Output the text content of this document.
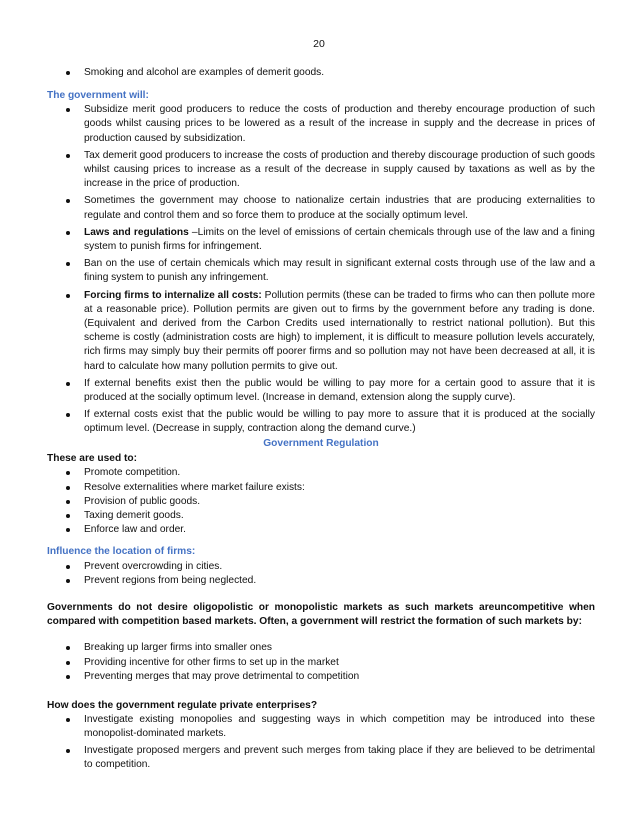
20
Smoking and alcohol are examples of demerit goods.
The government will:
Subsidize merit good producers to reduce the costs of production and thereby encourage production of such goods whilst causing prices to be lowered as a result of the increase in supply and the decrease in prices of production caused by subsidization.
Tax demerit good producers to increase the costs of production and thereby discourage production of such goods whilst causing prices to increase as a result of the decrease in supply caused by taxations as well as by the increase in the price of production.
Sometimes the government may choose to nationalize certain industries that are producing externalities to regulate and control them and so force them to produce at the socially optimum level.
Laws and regulations –Limits on the level of emissions of certain chemicals through use of the law and a fining system to punish firms for infringement.
Ban on the use of certain chemicals which may result in significant external costs through use of the law and a fining system to punish any infringement.
Forcing firms to internalize all costs: Pollution permits (these can be traded to firms who can then pollute more at a reasonable price). Pollution permits are given out to firms by the government before any trading is done. (Equivalent and derived from the Carbon Credits used internationally to restrict national pollution). But this scheme is costly (administration costs are high) to implement, it is difficult to measure pollution levels accurately, rich firms may simply buy their permits off poorer firms and so pollution may not have been decreased at all, it is hard to calculate how many pollution permits to give out.
If external benefits exist then the public would be willing to pay more for a certain good to assure that it is produced at the socially optimum level. (Increase in demand, extension along the supply curve).
If external costs exist that the public would be willing to pay more to assure that it is produced at the socially optimum level. (Decrease in supply, contraction along the demand curve.)
Government Regulation
These are used to:
Promote competition.
Resolve externalities where market failure exists:
Provision of public goods.
Taxing demerit goods.
Enforce law and order.
Influence the location of firms:
Prevent overcrowding in cities.
Prevent regions from being neglected.
Governments do not desire oligopolistic or monopolistic markets as such markets areuncompetitive when compared with competition based markets. Often, a government will restrict the formation of such markets by:
Breaking up larger firms into smaller ones
Providing incentive for other firms to set up in the market
Preventing merges that may prove detrimental to competition
How does the government regulate private enterprises?
Investigate existing monopolies and suggesting ways in which competition may be introduced into these monopolist-dominated markets.
Investigate proposed mergers and prevent such merges from taking place if they are believed to be detrimental to competition.
